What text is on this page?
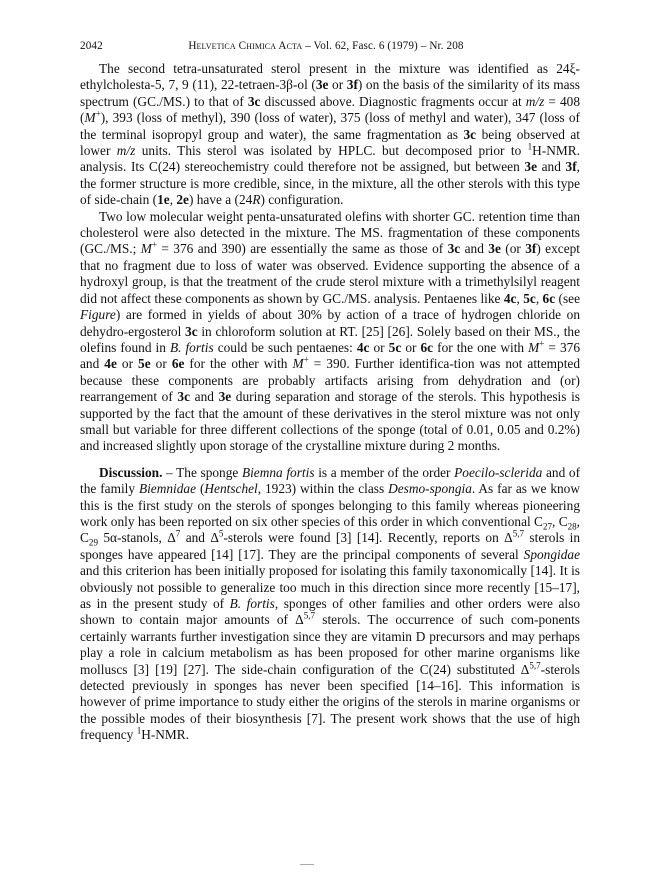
2042	Helvetica Chimica Acta – Vol. 62, Fasc. 6 (1979) – Nr. 208

The second tetra-unsaturated sterol present in the mixture was identified as 24ξ-ethylcholesta-5, 7, 9 (11), 22-tetraen-3β-ol (3e or 3f) on the basis of the similarity of its mass spectrum (GC./MS.) to that of 3c discussed above. Diagnostic fragments occur at m/z = 408 (M+), 393 (loss of methyl), 390 (loss of water), 375 (loss of methyl and water), 347 (loss of the terminal isopropyl group and water), the same fragmentation as 3c being observed at lower m/z units. This sterol was isolated by HPLC. but decomposed prior to $^1$H-NMR. analysis. Its C(24) stereochemistry could therefore not be assigned, but between 3e and 3f, the former structure is more credible, since, in the mixture, all the other sterols with this type of side-chain (1e, 2e) have a (24R) configuration.

Two low molecular weight penta-unsaturated olefins with shorter GC. retention time than cholesterol were also detected in the mixture. The MS. fragmentation of these components (GC./MS.; M+ = 376 and 390) are essentially the same as those of 3c and 3e (or 3f) except that no fragment due to loss of water was observed. Evidence supporting the absence of a hydroxyl group, is that the treatment of the crude sterol mixture with a trimethylsilyl reagent did not affect these components as shown by GC./MS. analysis. Pentaenes like 4c, 5c, 6c (see Figure) are formed in yields of about 30% by action of a trace of hydrogen chloride on dehydro-ergosterol 3c in chloroform solution at RT. [25] [26]. Solely based on their MS., the olefins found in B. fortis could be such pentaenes: 4c or 5c or 6c for the one with M+ = 376 and 4e or 5e or 6e for the other with M+ = 390. Further identifica-tion was not attempted because these components are probably artifacts arising from dehydration and (or) rearrangement of 3c and 3e during separation and storage of the sterols. This hypothesis is supported by the fact that the amount of these derivatives in the sterol mixture was not only small but variable for three different collections of the sponge (total of 0.01, 0.05 and 0.2%) and increased slightly upon storage of the crystalline mixture during 2 months.

Discussion. – The sponge Biemna fortis is a member of the order Poecilo-sclerida and of the family Biemnidae (Hentschel, 1923) within the class Desmo-spongia. As far as we know this is the first study on the sterols of sponges belonging to this family whereas pioneering work only has been reported on six other species of this order in which conventional $C_{27}$, $C_{28}$, $C_{29}$ 5α-stanols, $\Delta^7$ and $\Delta^5$-sterols were found [3] [14]. Recently, reports on Δ$^{5,7}$ sterols in sponges have appeared [14] [17]. They are the principal components of several Spongidae and this criterion has been initially proposed for isolating this family taxonomically [14]. It is obviously not possible to generalize too much in this direction since more recently [15–17], as in the present study of B. fortis, sponges of other families and other orders were also shown to contain major amounts of Δ$^{5,7}$ sterols. The occurrence of such com-ponents certainly warrants further investigation since they are vitamin D precursors and may perhaps play a role in calcium metabolism as has been proposed for other marine organisms like molluscs [3] [19] [27]. The side-chain configuration of the C(24) substituted Δ$^{5,7}$-sterols detected previously in sponges has never been specified [14–16]. This information is however of prime importance to study either the origins of the sterols in marine organisms or the possible modes of their biosynthesis [7]. The present work shows that the use of high frequency $^1$H-NMR.
